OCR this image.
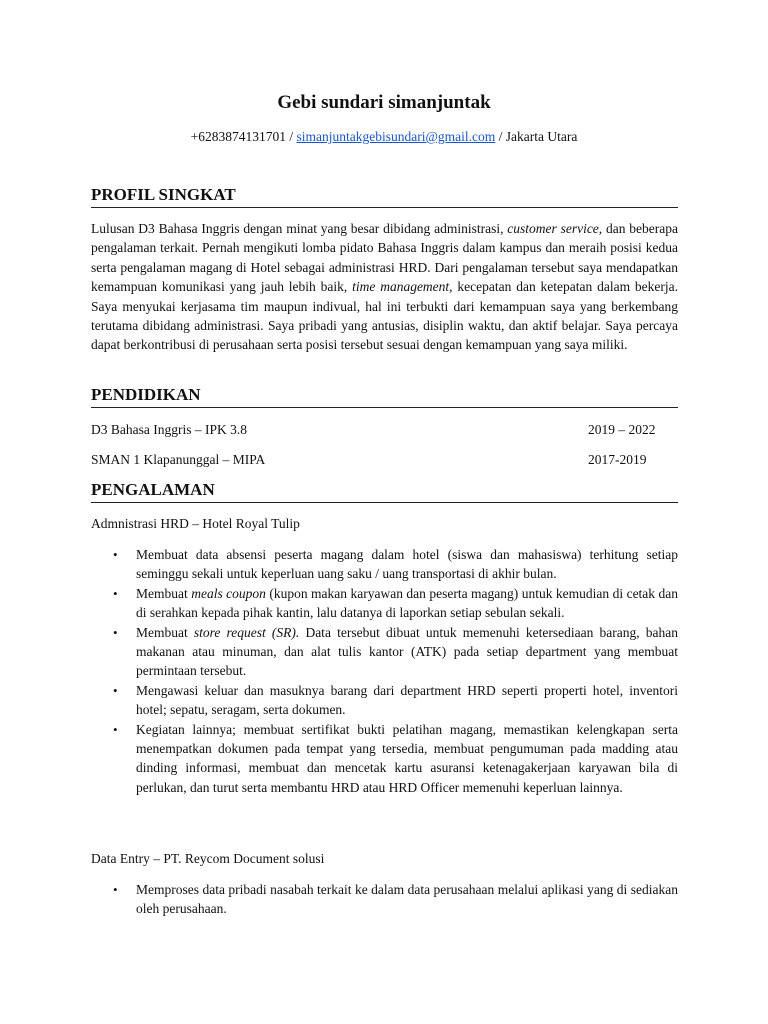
Gebi sundari simanjuntak
+6283874131701 / simanjuntakgebisundari@gmail.com / Jakarta Utara
PROFIL SINGKAT

Lulusan D3 Bahasa Inggris dengan minat yang besar dibidang administrasi, customer service, dan beberapa pengalaman terkait. Pernah mengikuti lomba pidato Bahasa Inggris dalam kampus dan meraih posisi kedua serta pengalaman magang di Hotel sebagai administrasi HRD. Dari pengalaman tersebut saya mendapatkan kemampuan komunikasi yang jauh lebih baik, time management, kecepatan dan ketepatan dalam bekerja. Saya menyukai kerjasama tim maupun indivual, hal ini terbukti dari kemampuan saya yang berkembang terutama dibidang administrasi. Saya pribadi yang antusias, disiplin waktu, dan aktif belajar. Saya percaya dapat berkontribusi di perusahaan serta posisi tersebut sesuai dengan kemampuan yang saya miliki.

PENDIDIKAN
D3 Bahasa Inggris – IPK 3.8	2019 – 2022
SMAN 1 Klapanunggal – MIPA	2017-2019
PENGALAMAN
Admnistrasi HRD – Hotel Royal Tulip
• Membuat data absensi peserta magang dalam hotel (siswa dan mahasiswa) terhitung setiap seminggu sekali untuk keperluan uang saku / uang transportasi di akhir bulan.
• Membuat meals coupon (kupon makan karyawan dan peserta magang) untuk kemudian di cetak dan di serahkan kepada pihak kantin, lalu datanya di laporkan setiap sebulan sekali.
• Membuat store request (SR). Data tersebut dibuat untuk memenuhi ketersediaan barang, bahan makanan atau minuman, dan alat tulis kantor (ATK) pada setiap department yang membuat permintaan tersebut.
• Mengawasi keluar dan masuknya barang dari department HRD seperti properti hotel, inventori hotel; sepatu, seragam, serta dokumen.
• Kegiatan lainnya; membuat sertifikat bukti pelatihan magang, memastikan kelengkapan serta menempatkan dokumen pada tempat yang tersedia, membuat pengumuman pada madding atau dinding informasi, membuat dan mencetak kartu asuransi ketenagakerjaan karyawan bila di perlukan, dan turut serta membantu HRD atau HRD Officer memenuhi keperluan lainnya.
Data Entry – PT. Reycom Document solusi
• Memproses data pribadi nasabah terkait ke dalam data perusahaan melalui aplikasi yang di sediakan oleh perusahaan.
